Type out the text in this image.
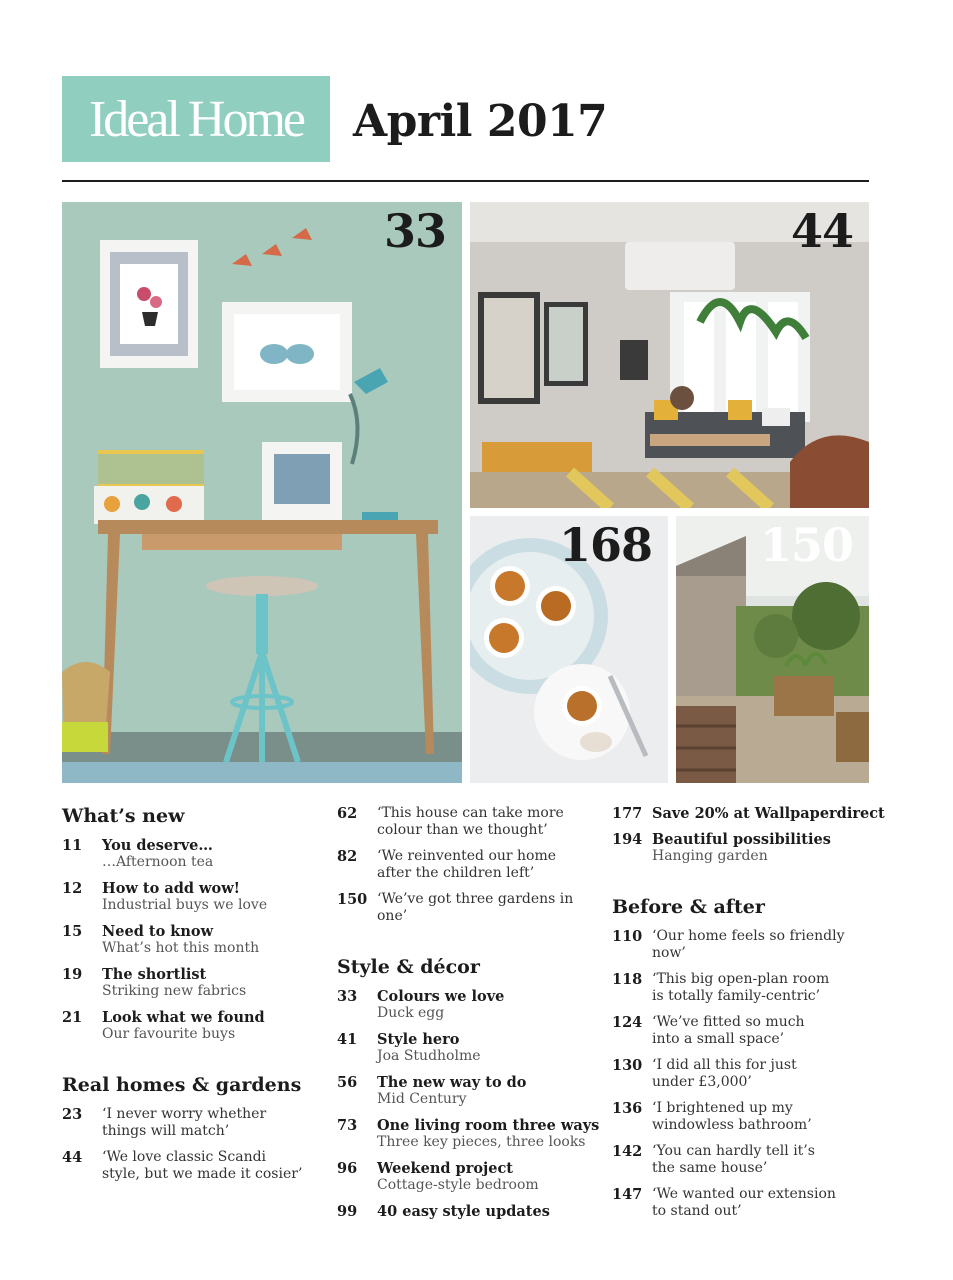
Ideal Home April 2017
33	44
168 150
What’s new
11	You deserve…
…Afternoon tea
12	How to add wow!
Industrial buys we love
15	Need to know
What’s hot this month
19	The shortlist
Striking new fabrics
21	Look what we found
Our favourite buys
Real homes & gardens
23	‘I never worry whether
things will match’
44	‘We love classic Scandi
style, but we made it cosier’
62	‘This house can take more
colour than we thought’
82	‘We reinvented our home
after the children left’
150 ‘We’ve got three gardens in one’
Style & décor
33	Colours we love
Duck egg
41	Style hero
Joa Studholme
56	The new way to do
Mid Century
73	One living room three ways
Three key pieces, three looks
96	Weekend project
Cottage-style bedroom
99	40 easy style updates
177 Save 20% at Wallpaperdirect
194 Beautiful possibilities
Hanging garden
Before & after
110 ‘Our home feels so friendly now’
118 ‘This big open-plan room
is totally family-centric’
124 ‘We’ve fitted so much
into a small space’
130 ‘I did all this for just
under £3,000’
136 ‘I brightened up my
windowless bathroom’
142 ‘You can hardly tell it’s
the same house’
147 ‘We wanted our extension
to stand out’
